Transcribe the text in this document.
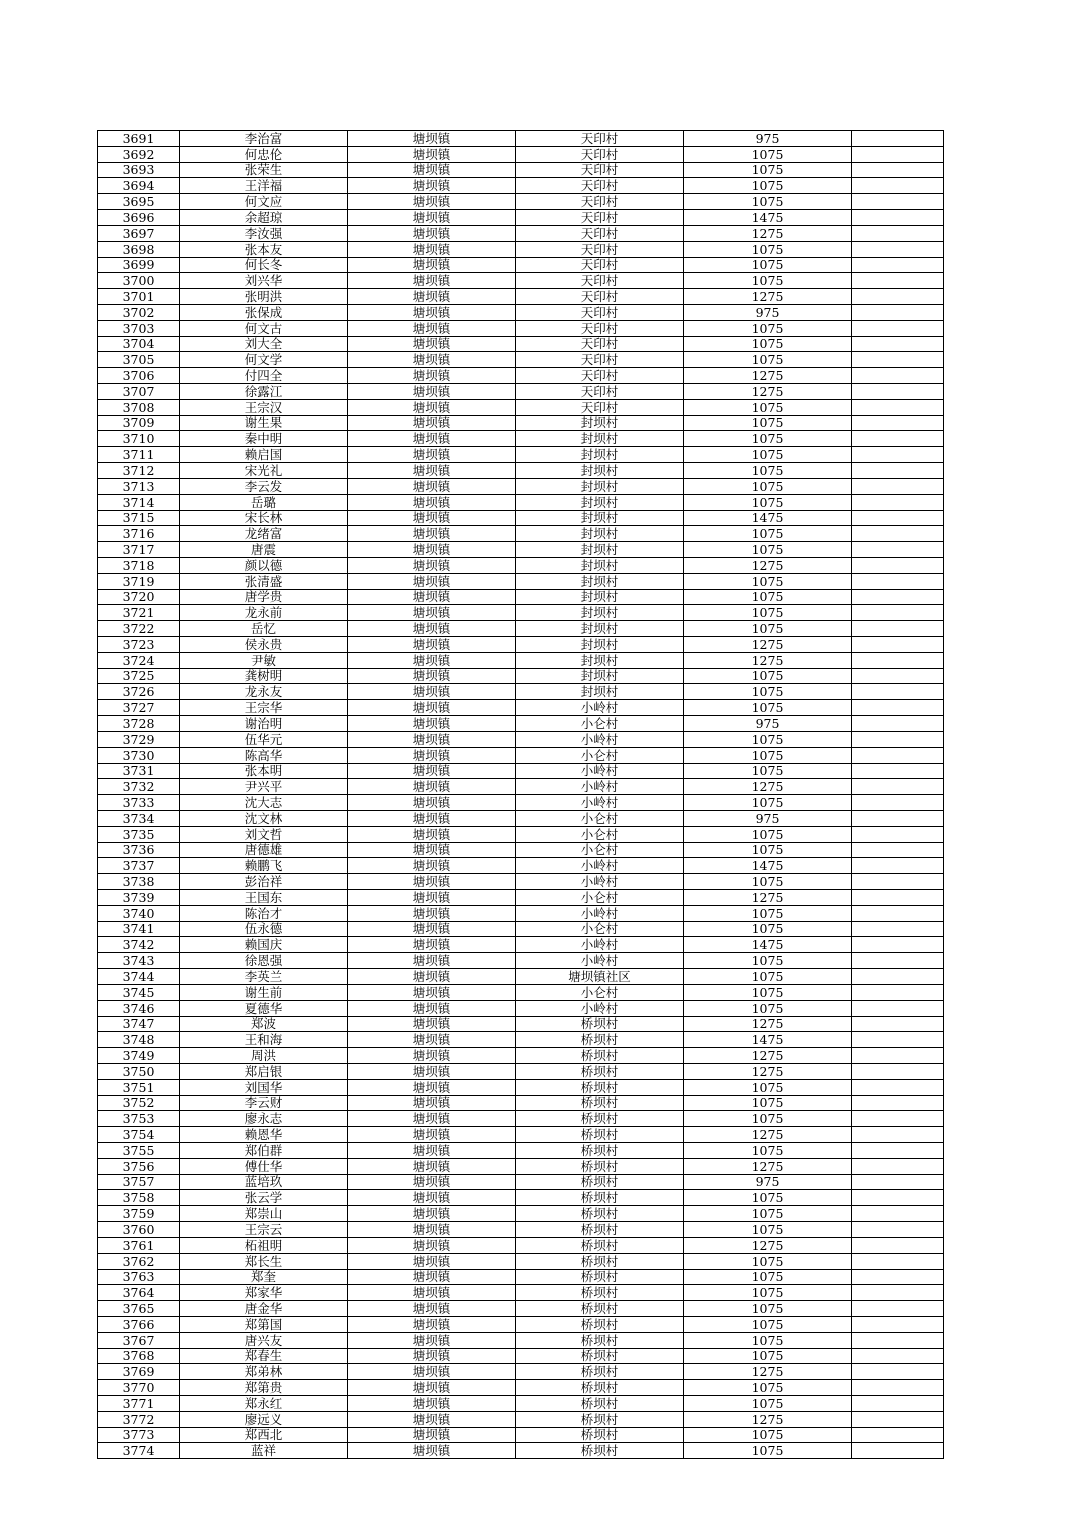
3691	李治富	塘坝镇	天印村	975	
3692	何忠伦	塘坝镇	天印村	1075	
3693	张荣生	塘坝镇	天印村	1075	
3694	王洋福	塘坝镇	天印村	1075	
3695	何文应	塘坝镇	天印村	1075	
3696	余超琼	塘坝镇	天印村	1475	
3697	李汝强	塘坝镇	天印村	1275	
3698	张本友	塘坝镇	天印村	1075	
3699	何长冬	塘坝镇	天印村	1075	
3700	刘兴华	塘坝镇	天印村	1075	
3701	张明洪	塘坝镇	天印村	1275	
3702	张保成	塘坝镇	天印村	975	
3703	何文古	塘坝镇	天印村	1075	
3704	刘大全	塘坝镇	天印村	1075	
3705	何文学	塘坝镇	天印村	1075	
3706	付四全	塘坝镇	天印村	1275	
3707	徐露江	塘坝镇	天印村	1275	
3708	王宗汉	塘坝镇	天印村	1075	
3709	谢生果	塘坝镇	封坝村	1075	
3710	秦中明	塘坝镇	封坝村	1075	
3711	赖启国	塘坝镇	封坝村	1075	
3712	宋光礼	塘坝镇	封坝村	1075	
3713	李云发	塘坝镇	封坝村	1075	
3714	岳璐	塘坝镇	封坝村	1075	
3715	宋长林	塘坝镇	封坝村	1475	
3716	龙绪富	塘坝镇	封坝村	1075	
3717	唐震	塘坝镇	封坝村	1075	
3718	颜以德	塘坝镇	封坝村	1275	
3719	张清盛	塘坝镇	封坝村	1075	
3720	唐学贵	塘坝镇	封坝村	1075	
3721	龙永前	塘坝镇	封坝村	1075	
3722	岳忆	塘坝镇	封坝村	1075	
3723	侯永贵	塘坝镇	封坝村	1275	
3724	尹敏	塘坝镇	封坝村	1275	
3725	龚树明	塘坝镇	封坝村	1075	
3726	龙永友	塘坝镇	封坝村	1075	
3727	王宗华	塘坝镇	小岭村	1075	
3728	谢治明	塘坝镇	小仑村	975	
3729	伍华元	塘坝镇	小岭村	1075	
3730	陈高华	塘坝镇	小仑村	1075	
3731	张本明	塘坝镇	小岭村	1075	
3732	尹兴平	塘坝镇	小岭村	1275	
3733	沈大志	塘坝镇	小岭村	1075	
3734	沈文林	塘坝镇	小仑村	975	
3735	刘文哲	塘坝镇	小仑村	1075	
3736	唐德雄	塘坝镇	小仑村	1075	
3737	赖鹏飞	塘坝镇	小岭村	1475	
3738	彭治祥	塘坝镇	小岭村	1075	
3739	王国东	塘坝镇	小仑村	1275	
3740	陈治才	塘坝镇	小岭村	1075	
3741	伍永德	塘坝镇	小仑村	1075	
3742	赖国庆	塘坝镇	小岭村	1475	
3743	徐恩强	塘坝镇	小岭村	1075	
3744	李英兰	塘坝镇	塘坝镇社区	1075	
3745	谢生前	塘坝镇	小仑村	1075	
3746	夏德华	塘坝镇	小岭村	1075	
3747	郑波	塘坝镇	桥坝村	1275	
3748	王和海	塘坝镇	桥坝村	1475	
3749	周洪	塘坝镇	桥坝村	1275	
3750	郑启银	塘坝镇	桥坝村	1275	
3751	刘国华	塘坝镇	桥坝村	1075	
3752	李云财	塘坝镇	桥坝村	1075	
3753	廖永志	塘坝镇	桥坝村	1075	
3754	赖恩华	塘坝镇	桥坝村	1275	
3755	郑伯群	塘坝镇	桥坝村	1075	
3756	傅仕华	塘坝镇	桥坝村	1275	
3757	蓝培玖	塘坝镇	桥坝村	975	
3758	张云学	塘坝镇	桥坝村	1075	
3759	郑崇山	塘坝镇	桥坝村	1075	
3760	王宗云	塘坝镇	桥坝村	1075	
3761	柘祖明	塘坝镇	桥坝村	1275	
3762	郑长生	塘坝镇	桥坝村	1075	
3763	郑奎	塘坝镇	桥坝村	1075	
3764	郑家华	塘坝镇	桥坝村	1075	
3765	唐金华	塘坝镇	桥坝村	1075	
3766	郑第国	塘坝镇	桥坝村	1075	
3767	唐兴友	塘坝镇	桥坝村	1075	
3768	郑春生	塘坝镇	桥坝村	1075	
3769	郑弟林	塘坝镇	桥坝村	1275	
3770	郑第贵	塘坝镇	桥坝村	1075	
3771	郑永红	塘坝镇	桥坝村	1075	
3772	廖远义	塘坝镇	桥坝村	1275	
3773	郑西北	塘坝镇	桥坝村	1075	
3774	蓝祥	塘坝镇	桥坝村	1075	
